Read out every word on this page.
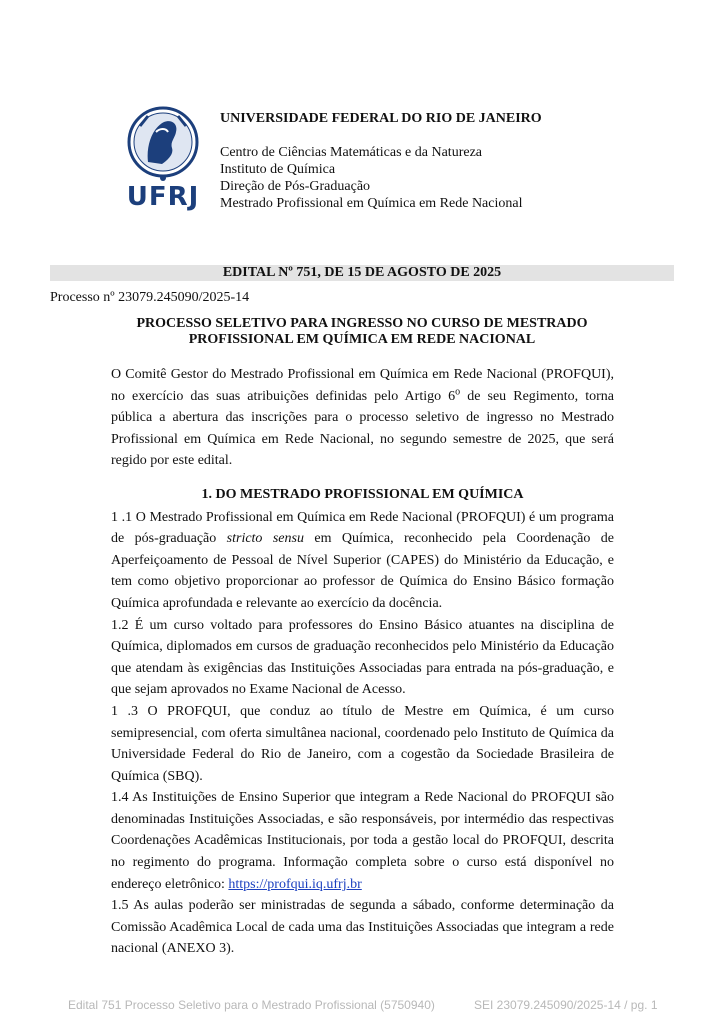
UFRJ
UNIVERSIDADE FEDERAL DO RIO DE JANEIRO
Centro de Ciências Matemáticas e da Natureza
Instituto de Química
Direção de Pós-Graduação
Mestrado Profissional em Química em Rede Nacional
EDITAL Nº 751, DE 15 DE AGOSTO DE 2025
Processo nº 23079.245090/2025-14
PROCESSO SELETIVO PARA INGRESSO NO CURSO DE MESTRADO PROFISSIONAL EM QUÍMICA EM REDE NACIONAL

O Comitê Gestor do Mestrado Profissional em Química em Rede Nacional (PROFQUI), no exercício das suas atribuições definidas pelo Artigo 6$^o$ de seu Regimento, torna pública a abertura das inscrições para o processo seletivo de ingresso no Mestrado Profissional em Química em Rede Nacional, no segundo semestre de 2025, que será regido por este edital.

1. DO MESTRADO PROFISSIONAL EM QUÍMICA

1 .1 O Mestrado Profissional em Química em Rede Nacional (PROFQUI) é um programa de pós-graduação stricto sensu em Química, reconhecido pela Coordenação de Aperfeiçoamento de Pessoal de Nível Superior (CAPES) do Ministério da Educação, e tem como objetivo proporcionar ao professor de Química do Ensino Básico formação Química aprofundada e relevante ao exercício da docência.

1.2 É um curso voltado para professores do Ensino Básico atuantes na disciplina de Química, diplomados em cursos de graduação reconhecidos pelo Ministério da Educação que atendam às exigências das Instituições Associadas para entrada na pós-graduação, e que sejam aprovados no Exame Nacional de Acesso.

1 .3 O PROFQUI, que conduz ao título de Mestre em Química, é um curso semipresencial, com oferta simultânea nacional, coordenado pelo Instituto de Química da Universidade Federal do Rio de Janeiro, com a cogestão da Sociedade Brasileira de Química (SBQ).

1.4 As Instituições de Ensino Superior que integram a Rede Nacional do PROFQUI são denominadas Instituições Associadas, e são responsáveis, por intermédio das respectivas Coordenações Acadêmicas Institucionais, por toda a gestão local do PROFQUI, descrita no regimento do programa. Informação completa sobre o curso está disponível no endereço eletrônico: https://profqui.iq.ufrj.br

1.5 As aulas poderão ser ministradas de segunda a sábado, conforme determinação da Comissão Acadêmica Local de cada uma das Instituições Associadas que integram a rede nacional (ANEXO 3).

Edital 751 Processo Seletivo para o Mestrado Profissional (5750940)	SEI 23079.245090/2025-14 / pg. 1
